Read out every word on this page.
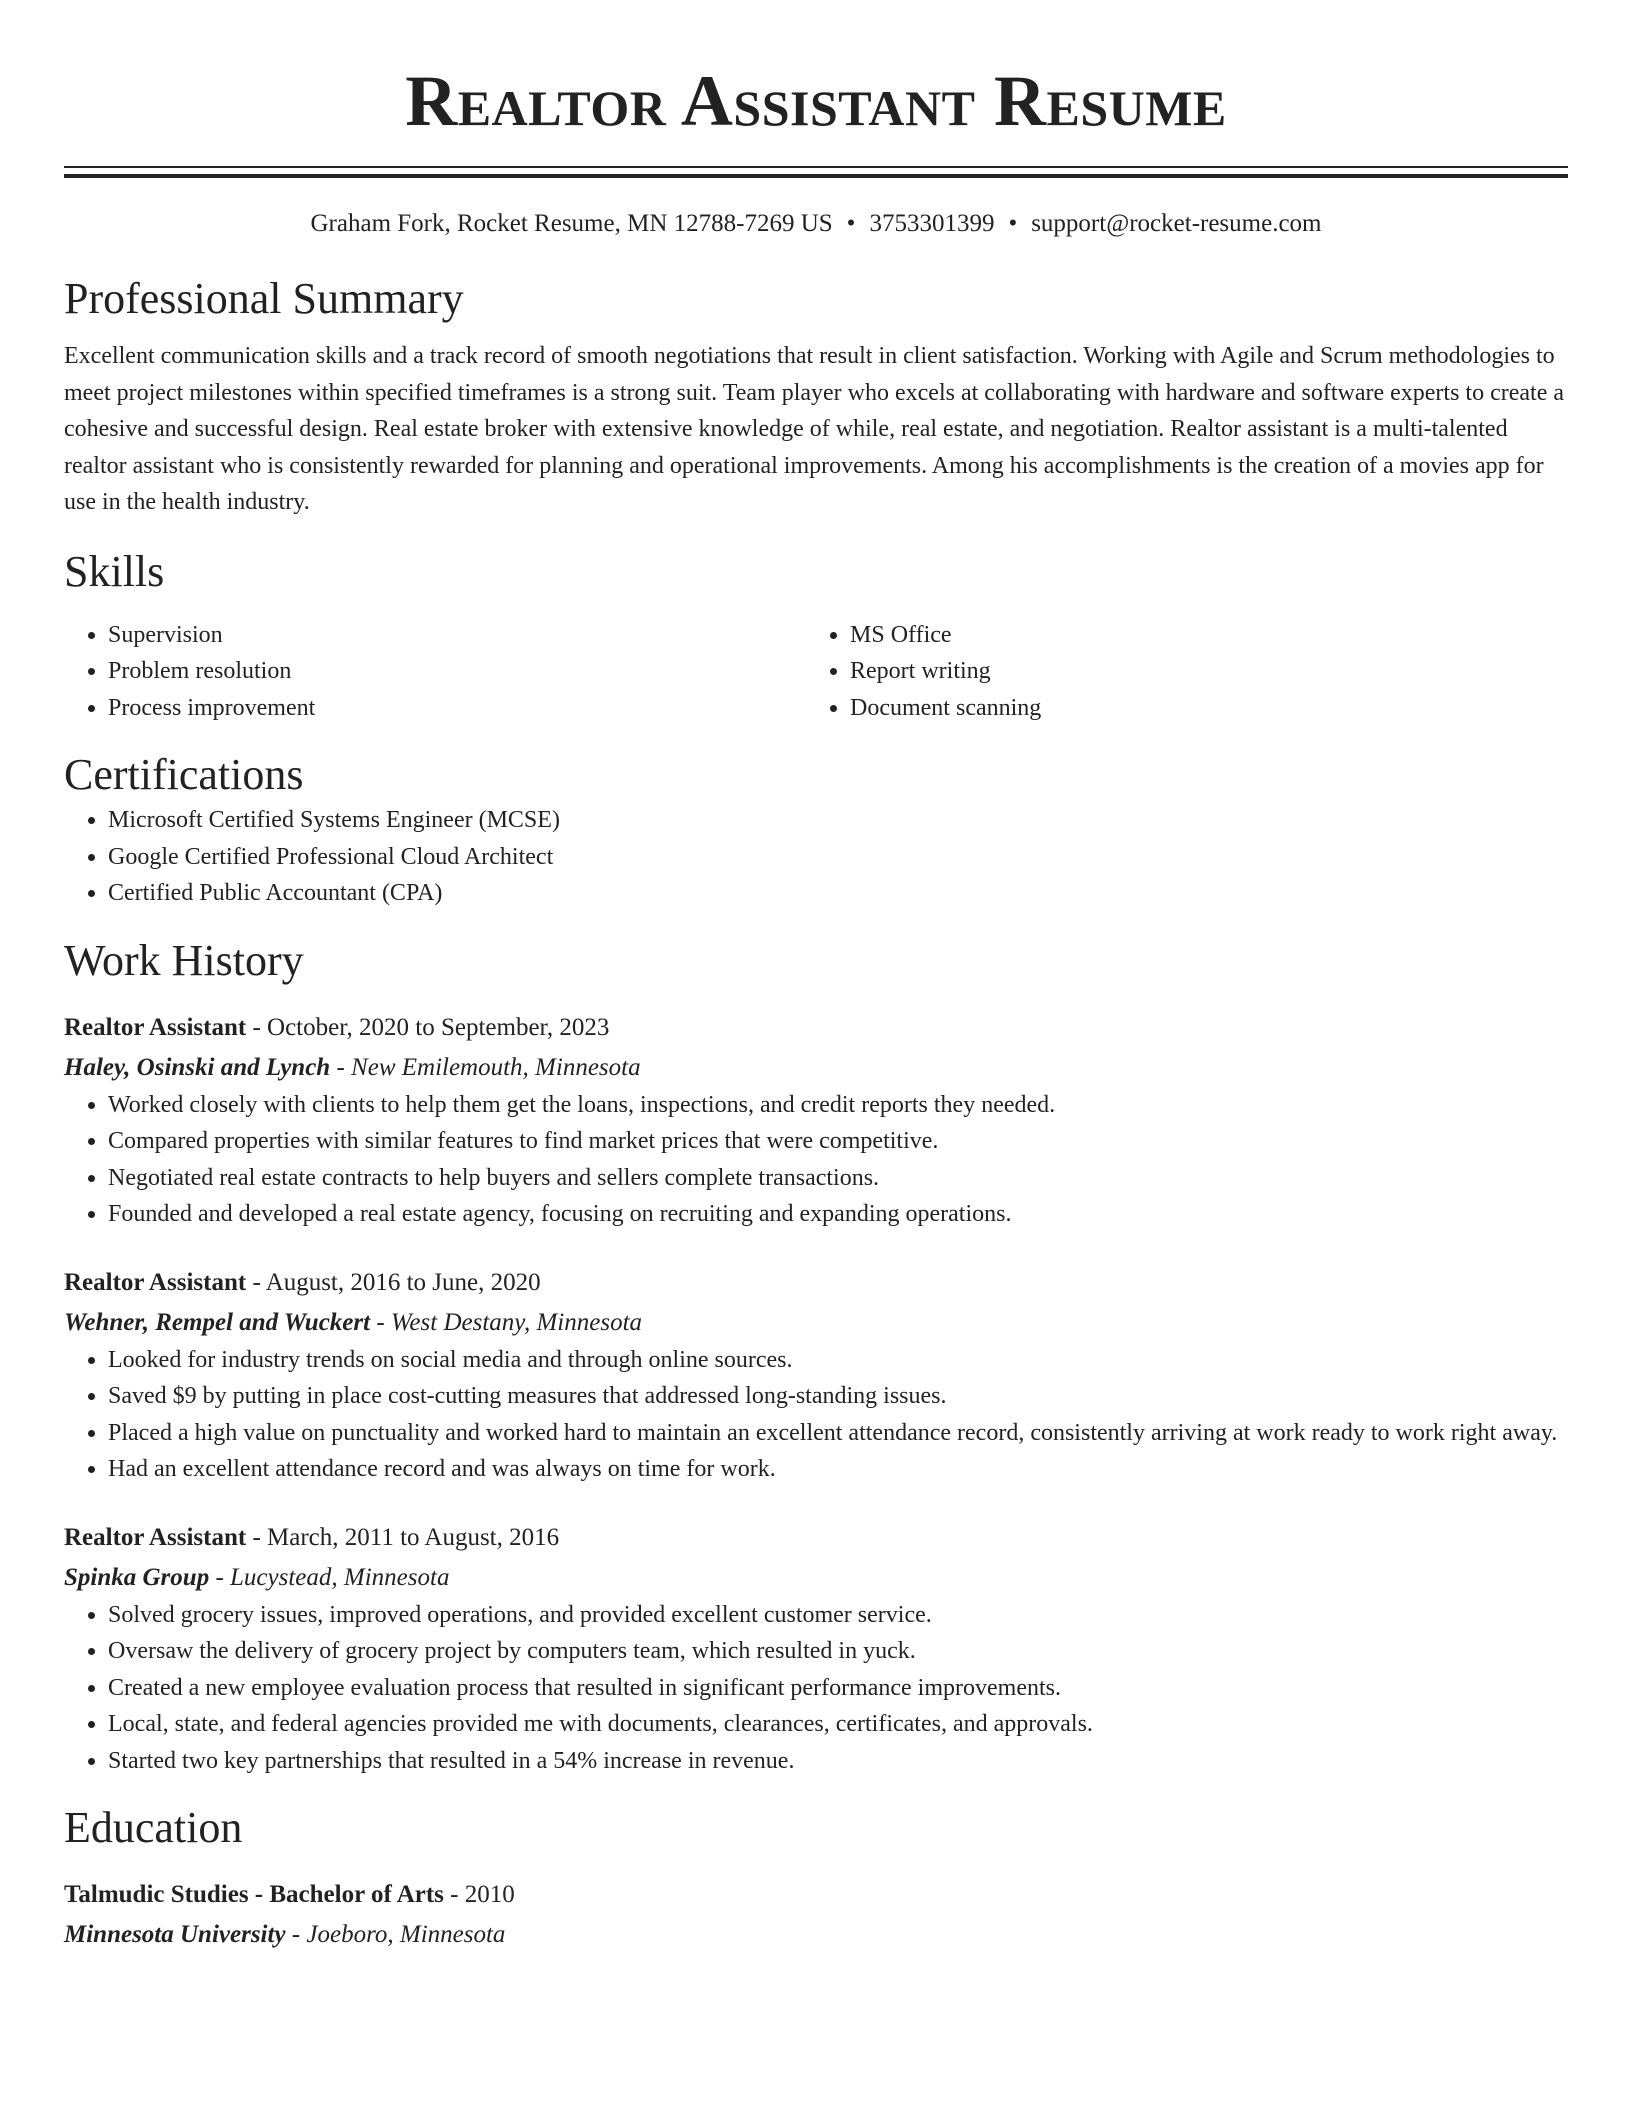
Realtor Assistant Resume
Graham Fork, Rocket Resume, MN 12788-7269 US • 3753301399 • support@rocket-resume.com
Professional Summary

Excellent communication skills and a track record of smooth negotiations that result in client satisfaction. Working with Agile and Scrum methodologies to meet project milestones within specified timeframes is a strong suit. Team player who excels at collaborating with hardware and software experts to create a cohesive and successful design. Real estate broker with extensive knowledge of while, real estate, and negotiation. Realtor assistant is a multi-talented realtor assistant who is consistently rewarded for planning and operational improvements. Among his accomplishments is the creation of a movies app for use in the health industry.

Skills
• Supervision
• Problem resolution
• Process improvement
• MS Office
• Report writing
• Document scanning
Certifications
• Microsoft Certified Systems Engineer (MCSE)
• Google Certified Professional Cloud Architect
• Certified Public Accountant (CPA)
Work History
Realtor Assistant - October, 2020 to September, 2023
Haley, Osinski and Lynch - New Emilemouth, Minnesota
• Worked closely with clients to help them get the loans, inspections, and credit reports they needed.
• Compared properties with similar features to find market prices that were competitive.
• Negotiated real estate contracts to help buyers and sellers complete transactions.
• Founded and developed a real estate agency, focusing on recruiting and expanding operations.
Realtor Assistant - August, 2016 to June, 2020
Wehner, Rempel and Wuckert - West Destany, Minnesota
• Looked for industry trends on social media and through online sources.
• Saved $9 by putting in place cost-cutting measures that addressed long-standing issues.
• Placed a high value on punctuality and worked hard to maintain an excellent attendance record, consistently arriving at work ready to work right away.
• Had an excellent attendance record and was always on time for work.
Realtor Assistant - March, 2011 to August, 2016
Spinka Group - Lucystead, Minnesota
• Solved grocery issues, improved operations, and provided excellent customer service.
• Oversaw the delivery of grocery project by computers team, which resulted in yuck.
• Created a new employee evaluation process that resulted in significant performance improvements.
• Local, state, and federal agencies provided me with documents, clearances, certificates, and approvals.
• Started two key partnerships that resulted in a 54% increase in revenue.
Education
Talmudic Studies - Bachelor of Arts - 2010
Minnesota University - Joeboro, Minnesota
